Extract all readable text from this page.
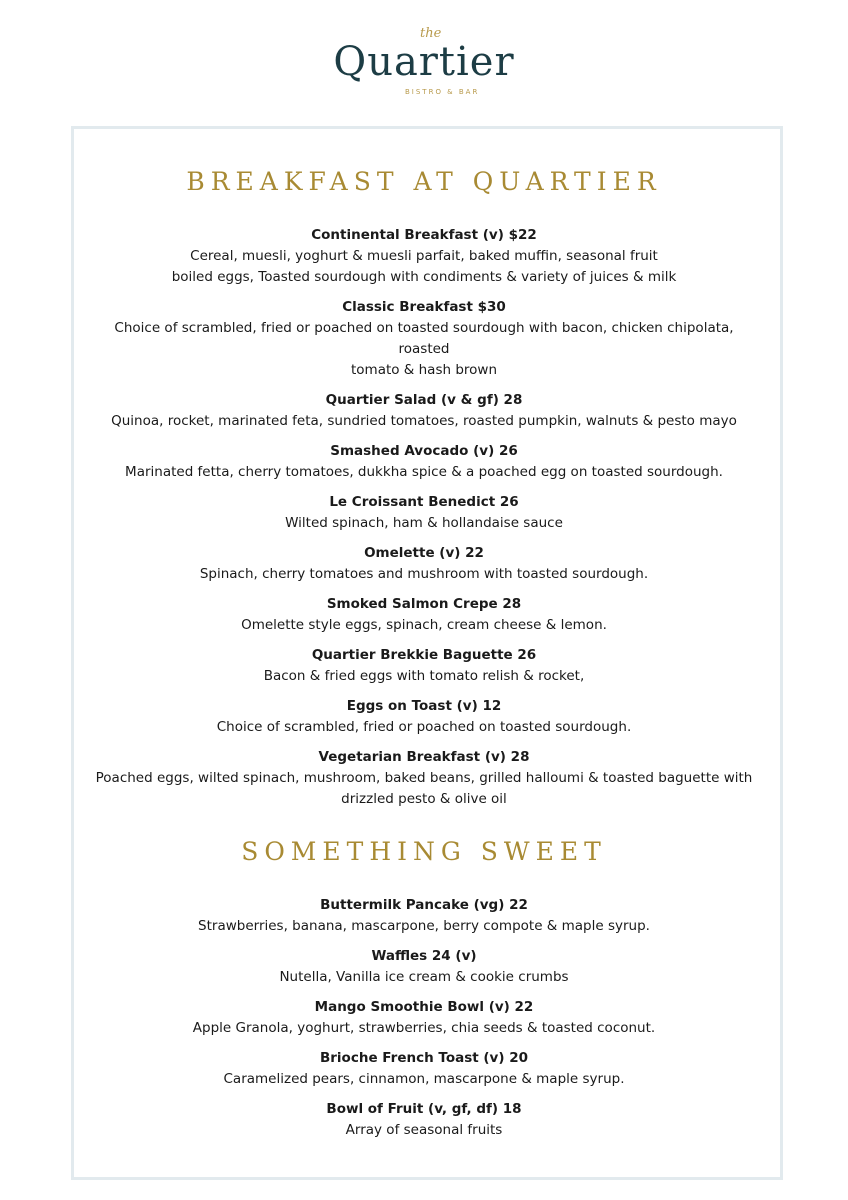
the
Quartier
BISTRO & BAR
BREAKFAST AT QUARTIER
Continental Breakfast (v) $22
Cereal, muesli, yoghurt & muesli parfait, baked muffin, seasonal fruit
boiled eggs, Toasted sourdough with condiments & variety of juices & milk
Classic Breakfast $30
Choice of scrambled, fried or poached on toasted sourdough with bacon, chicken chipolata, roasted
tomato & hash brown
Quartier Salad (v & gf) 28
Quinoa, rocket, marinated feta, sundried tomatoes, roasted pumpkin, walnuts & pesto mayo
Smashed Avocado (v) 26
Marinated fetta, cherry tomatoes, dukkha spice & a poached egg on toasted sourdough.
Le Croissant Benedict 26
Wilted spinach, ham & hollandaise sauce
Omelette (v) 22
Spinach, cherry tomatoes and mushroom with toasted sourdough.
Smoked Salmon Crepe 28
Omelette style eggs, spinach, cream cheese & lemon.
Quartier Brekkie Baguette 26
Bacon & fried eggs with tomato relish & rocket,
Eggs on Toast (v) 12
Choice of scrambled, fried or poached on toasted sourdough.
Vegetarian Breakfast (v) 28
Poached eggs, wilted spinach, mushroom, baked beans, grilled halloumi & toasted baguette with
drizzled pesto & olive oil
SOMETHING SWEET
Buttermilk Pancake (vg) 22
Strawberries, banana, mascarpone, berry compote & maple syrup.
Waffles 24 (v)
Nutella, Vanilla ice cream & cookie crumbs
Mango Smoothie Bowl (v) 22
Apple Granola, yoghurt, strawberries, chia seeds & toasted coconut.
Brioche French Toast (v) 20
Caramelized pears, cinnamon, mascarpone & maple syrup.
Bowl of Fruit (v, gf, df) 18
Array of seasonal fruits
